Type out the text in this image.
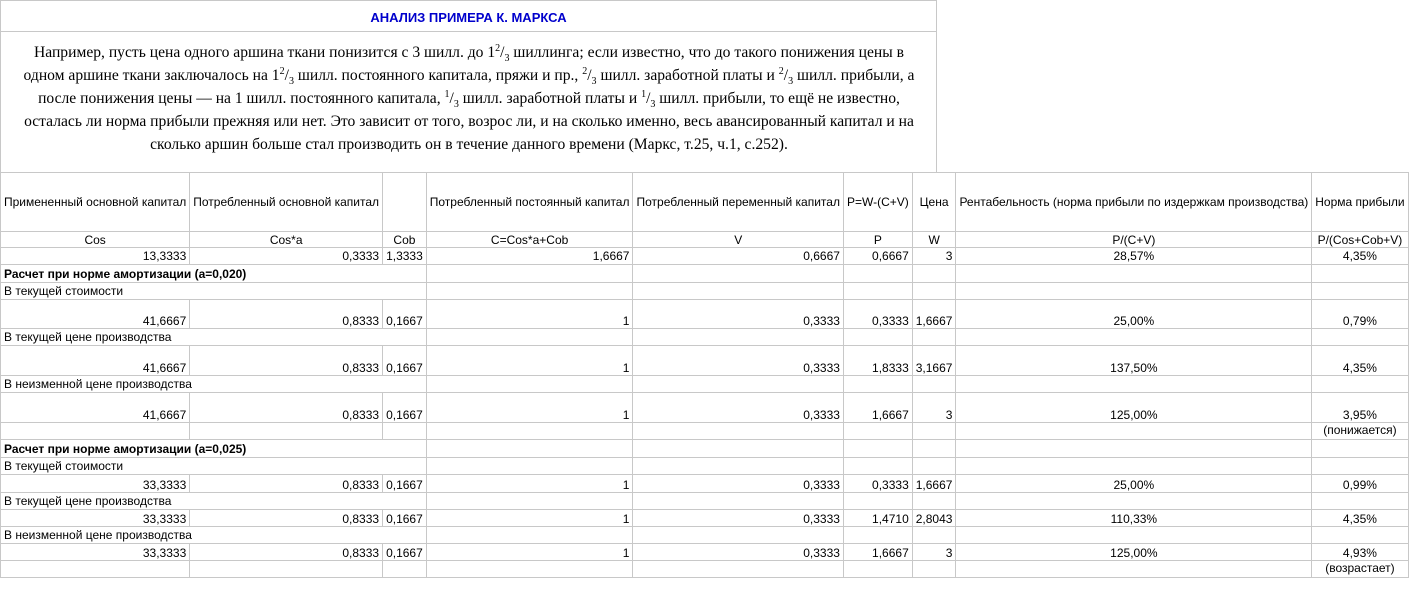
АНАЛИЗ ПРИМЕРА К. МАРКСА
Например, пусть цена одного аршина ткани понизится с 3 шилл. до $1^2/_3$ шиллинга; если известно, что до такого понижения цены в одном аршине ткани заключалось на $1^2/_3$ шилл. постоянного капитала, пряжи и пр., $^2/_3$ шилл. заработной платы и $^2/_3$ шилл. прибыли, а после понижения цены — на 1 шилл. постоянного капитала, $^1/_3$ шилл. заработной платы и $^1/_3$ шилл. прибыли, то ещё не известно, осталась ли норма прибыли прежняя или нет. Это зависит от того, возрос ли, и на сколько именно, весь авансированный капитал и на сколько аршин больше стал производить он в течение данного времени (Маркс, т.25, ч.1, с.252).
Примененный основной капитал	Потребленный основной капитал		Потребленный постоянный капитал	Потребленный переменный капитал	P=W-(C+V)	Цена	Рентабельность (норма прибыли по издержкам производства)	Норма прибыли
Cos	Cos*a	Cob	C=Cos*a+Cob	V	P	W	P/(C+V)	P/(Cos+Cob+V)
13,3333	0,3333	1,3333	1,6667	0,6667	0,6667	3	28,57%	4,35%
Расчет при норме амортизации (a=0,020)								
В текущей стоимости								
41,6667	0,8333	0,1667	1	0,3333	0,3333	1,6667	25,00%	0,79%
В текущей цене производства								
41,6667	0,8333	0,1667	1	0,3333	1,8333	3,1667	137,50%	4,35%
В неизменной цене производства								
41,6667	0,8333	0,1667	1	0,3333	1,6667	3	125,00%	3,95%
								(понижается)
Расчет при норме амортизации (a=0,025)								
В текущей стоимости								
33,3333	0,8333	0,1667	1	0,3333	0,3333	1,6667	25,00%	0,99%
В текущей цене производства								
33,3333	0,8333	0,1667	1	0,3333	1,4710	2,8043	110,33%	4,35%
В неизменной цене производства								
33,3333	0,8333	0,1667	1	0,3333	1,6667	3	125,00%	4,93%
								(возрастает)
